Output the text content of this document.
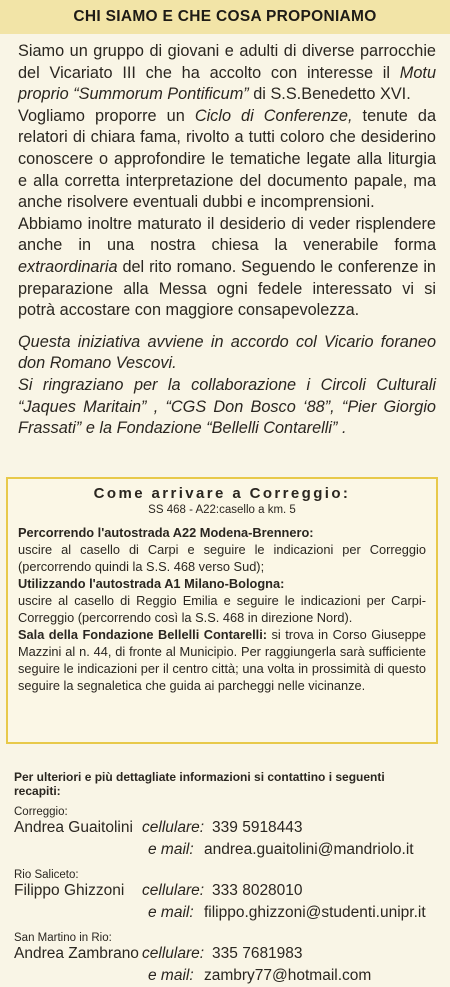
CHI SIAMO E CHE COSA PROPONIAMO

Siamo un gruppo di giovani e adulti di diverse parrocchie del Vicariato III che ha accolto con interesse il Motu proprio “Summorum Pontificum” di S.S.Benedetto XVI.

Vogliamo proporre un Ciclo di Conferenze, tenute da relatori di chiara fama, rivolto a tutti coloro che desiderino conoscere o approfondire le tematiche legate alla liturgia e alla corretta interpretazione del documento papale, ma anche risolvere eventuali dubbi e incomprensioni.

Abbiamo inoltre maturato il desiderio di veder risplendere anche in una nostra chiesa la venerabile forma extraordinaria del rito romano. Seguendo le conferenze in preparazione alla Messa ogni fedele interessato vi si potrà accostare con maggiore consapevolezza.

Questa iniziativa avviene in accordo col Vicario foraneo don Romano Vescovi.

Si ringraziano per la collaborazione i Circoli Culturali “Jaques Maritain” , “CGS Don Bosco ‘88”, “Pier Giorgio Frassati” e la Fondazione “Bellelli Contarelli” .

Come arrivare a Correggio:
SS 468 - A22:casello a km. 5
Percorrendo l'autostrada A22 Modena-Brennero:
uscire al casello di Carpi e seguire le indicazioni per Correggio (percorrendo quindi la S.S. 468 verso Sud);
Utilizzando l'autostrada A1 Milano-Bologna:
uscire al casello di Reggio Emilia e seguire le indicazioni per Carpi-Correggio (percorrendo così la S.S. 468 in direzione Nord).
Sala della Fondazione Bellelli Contarelli: si trova in Corso Giuseppe Mazzini al n. 44, di fronte al Municipio. Per raggiungerla sarà sufficiente seguire le indicazioni per il centro città; una volta in prossimità di questo seguire la segnaletica che guida ai parcheggi nelle vicinanze.
Per ulteriori e più dettagliate informazioni si contattino i seguenti recapiti:
Correggio:
Andrea Guaitolini cellulare: 339 5918443
e mail: andrea.guaitolini@mandriolo.it
Rio Saliceto:
Filippo Ghizzoni	cellulare: 333 8028010
e mail: filippo.ghizzoni@studenti.unipr.it
San Martino in Rio:
Andrea Zambrano cellulare: 335 7681983
e mail: zambry77@hotmail.com
